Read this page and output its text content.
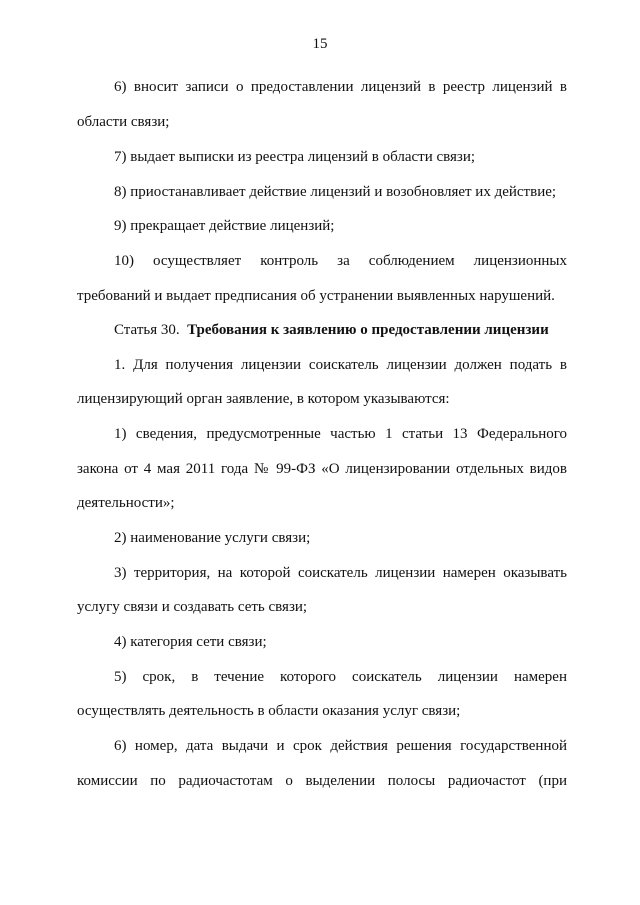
15
6) вносит записи о предоставлении лицензий в реестр лицензий в
области связи;
7) выдает выписки из реестра лицензий в области связи;
8) приостанавливает действие лицензий и возобновляет их действие;
9) прекращает действие лицензий;
10) осуществляет контроль за соблюдением лицензионных
требований и выдает предписания об устранении выявленных нарушений.
Статья 30. Требования к заявлению о предоставлении лицензии
1. Для получения лицензии соискатель лицензии должен подать в
лицензирующий орган заявление, в котором указываются:
1) сведения, предусмотренные частью 1 статьи 13 Федерального
закона от 4 мая 2011 года № 99-ФЗ «О лицензировании отдельных видов
деятельности»;
2) наименование услуги связи;
3) территория, на которой соискатель лицензии намерен оказывать
услугу связи и создавать сеть связи;
4) категория сети связи;
5) срок, в течение которого соискатель лицензии намерен
осуществлять деятельность в области оказания услуг связи;
6) номер, дата выдачи и срок действия решения государственной
комиссии по радиочастотам о выделении полосы радиочастот (при
